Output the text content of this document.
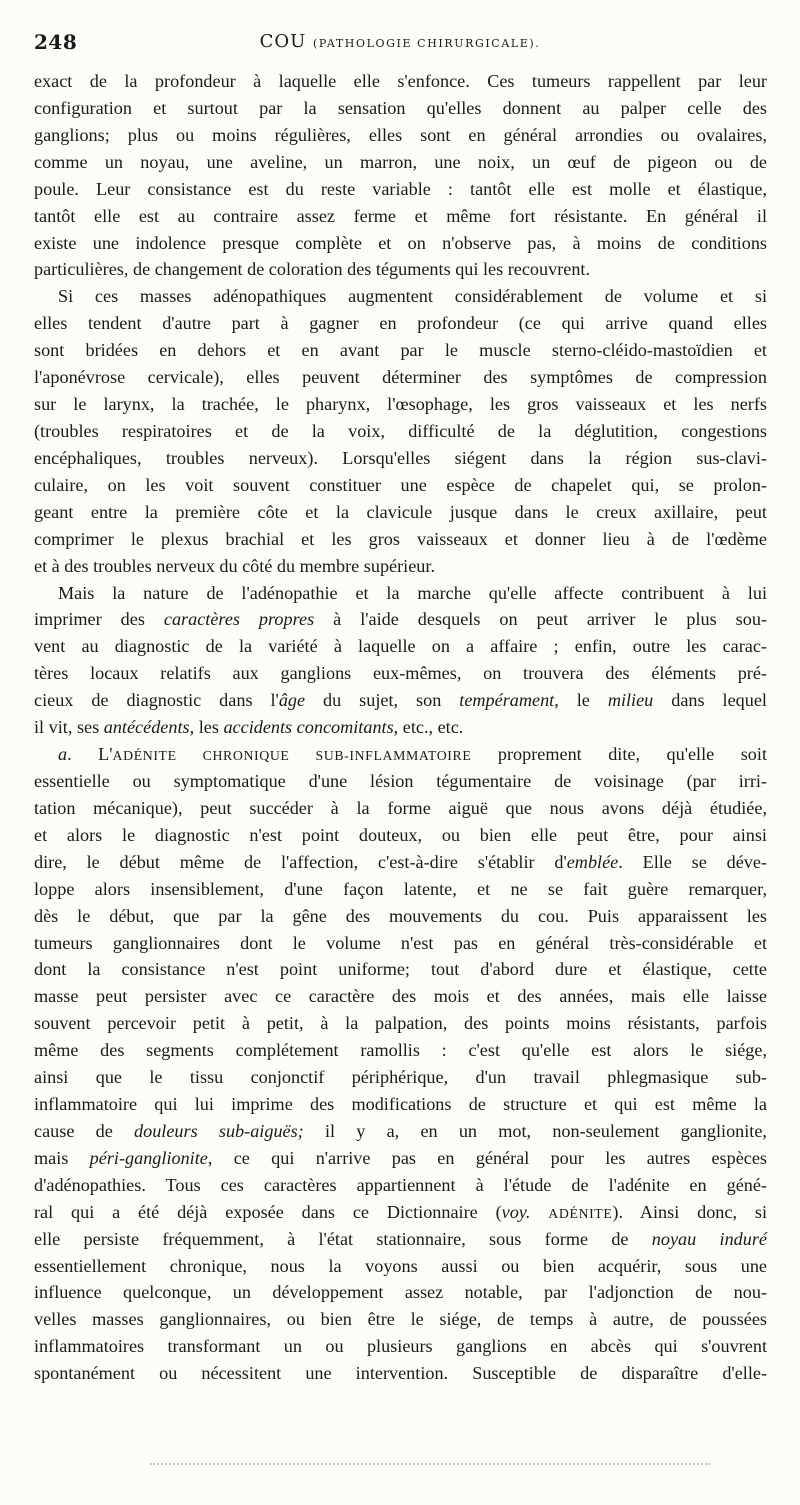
248	COU (PATHOLOGIE CHIRURGICALE).
exact de la profondeur à laquelle elle s'enfonce. Ces tumeurs rappellent par leur
configuration et surtout par la sensation qu'elles donnent au palper celle des
ganglions; plus ou moins régulières, elles sont en général arrondies ou ovalaires,
comme un noyau, une aveline, un marron, une noix, un œuf de pigeon ou de
poule. Leur consistance est du reste variable : tantôt elle est molle et élastique,
tantôt elle est au contraire assez ferme et même fort résistante. En général il
existe une indolence presque complète et on n'observe pas, à moins de conditions
particulières, de changement de coloration des téguments qui les recouvrent.
Si ces masses adénopathiques augmentent considérablement de volume et si
elles tendent d'autre part à gagner en profondeur (ce qui arrive quand elles
sont bridées en dehors et en avant par le muscle sterno-cléido-mastoïdien et
l'aponévrose cervicale), elles peuvent déterminer des symptômes de compression
sur le larynx, la trachée, le pharynx, l'œsophage, les gros vaisseaux et les nerfs
(troubles respiratoires et de la voix, difficulté de la déglutition, congestions
encéphaliques, troubles nerveux). Lorsqu'elles siégent dans la région sus-clavi-
culaire, on les voit souvent constituer une espèce de chapelet qui, se prolon-
geant entre la première côte et la clavicule jusque dans le creux axillaire, peut
comprimer le plexus brachial et les gros vaisseaux et donner lieu à de l'œdème
et à des troubles nerveux du côté du membre supérieur.
Mais la nature de l'adénopathie et la marche qu'elle affecte contribuent à lui
imprimer des caractères propres à l'aide desquels on peut arriver le plus sou-
vent au diagnostic de la variété à laquelle on a affaire ; enfin, outre les carac-
tères locaux relatifs aux ganglions eux-mêmes, on trouvera des éléments pré-
cieux de diagnostic dans l'âge du sujet, son tempérament, le milieu dans lequel
il vit, ses antécédents, les accidents concomitants, etc., etc.
a. L'ADÉNITE CHRONIQUE SUB-INFLAMMATOIRE proprement dite, qu'elle soit
essentielle ou symptomatique d'une lésion tégumentaire de voisinage (par irri-
tation mécanique), peut succéder à la forme aiguë que nous avons déjà étudiée,
et alors le diagnostic n'est point douteux, ou bien elle peut être, pour ainsi
dire, le début même de l'affection, c'est-à-dire s'établir d'emblée. Elle se déve-
loppe alors insensiblement, d'une façon latente, et ne se fait guère remarquer,
dès le début, que par la gêne des mouvements du cou. Puis apparaissent les
tumeurs ganglionnaires dont le volume n'est pas en général très-considérable et
dont la consistance n'est point uniforme; tout d'abord dure et élastique, cette
masse peut persister avec ce caractère des mois et des années, mais elle laisse
souvent percevoir petit à petit, à la palpation, des points moins résistants, parfois
même des segments complétement ramollis : c'est qu'elle est alors le siége,
ainsi que le tissu conjonctif périphérique, d'un travail phlegmasique sub-
inflammatoire qui lui imprime des modifications de structure et qui est même la
cause de douleurs sub-aiguës; il y a, en un mot, non-seulement ganglionite,
mais péri-ganglionite, ce qui n'arrive pas en général pour les autres espèces
d'adénopathies. Tous ces caractères appartiennent à l'étude de l'adénite en géné-
ral qui a été déjà exposée dans ce Dictionnaire (voy. ADÉNITE). Ainsi donc, si
elle persiste fréquemment, à l'état stationnaire, sous forme de noyau induré
essentiellement chronique, nous la voyons aussi ou bien acquérir, sous une
influence quelconque, un développement assez notable, par l'adjonction de nou-
velles masses ganglionnaires, ou bien être le siége, de temps à autre, de poussées
inflammatoires transformant un ou plusieurs ganglions en abcès qui s'ouvrent
spontanément ou nécessitent une intervention. Susceptible de disparaître d'elle-
